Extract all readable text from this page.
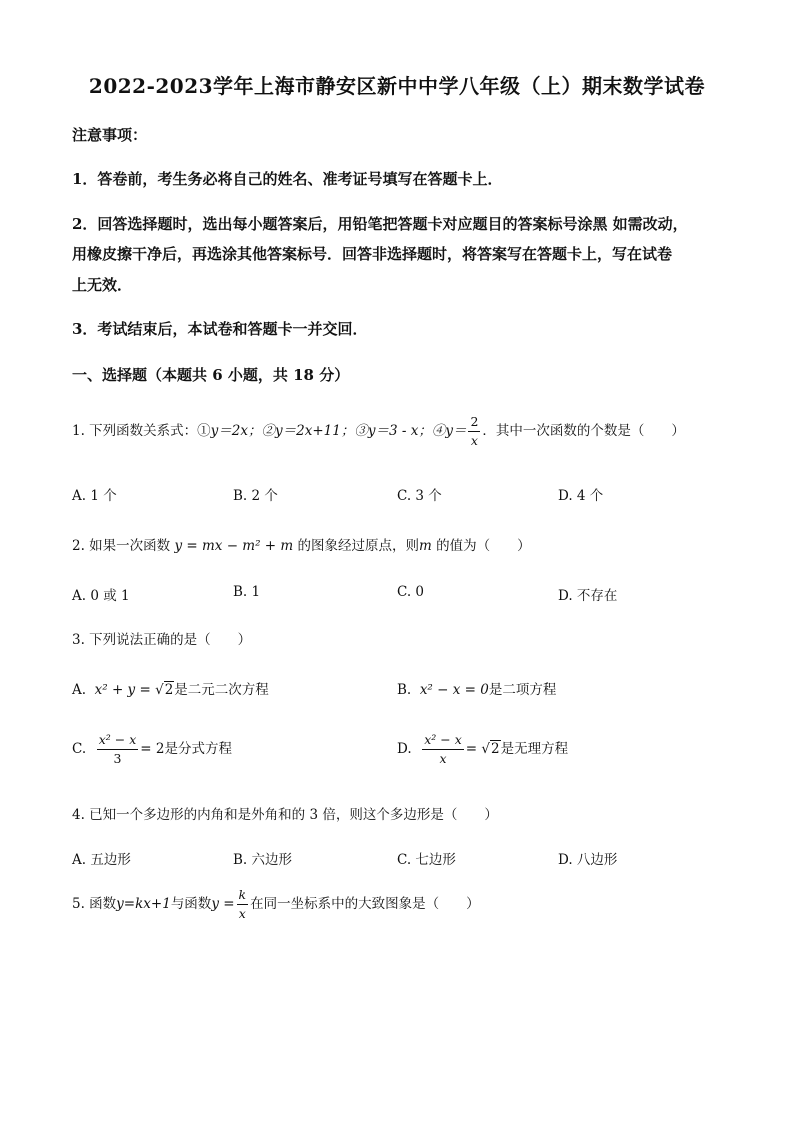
2022-2023学年上海市静安区新中中学八年级（上）期末数学试卷
注意事项：
1．答卷前，考生务必将自己的姓名、准考证号填写在答题卡上．
2．回答选择题时，选出每小题答案后，用铅笔把答题卡对应题目的答案标号涂黑 如需改动，
用橡皮擦干净后，再选涂其他答案标号．回答非选择题时，将答案写在答题卡上，写在试卷
上无效．
3．考试结束后，本试卷和答题卡一并交回．
一、选择题（本题共 6 小题，共 18 分）
1. 下列函数关系式：①y＝2x；②y＝2x+11；③y＝3 - x；④y＝ $\frac{2}{x}$ ．其中一次函数的个数是（　　）
A. 1 个	B. 2 个	C. 3 个	D. 4 个
2. 如果一次函数 y = mx − m² + m 的图象经过原点，则m 的值为（　　）
A. 0 或 1	B. 1	C. 0	D. 不存在
3. 下列说法正确的是（　　）
A. x² + y = √2是二元二次方程	B. x² − x = 0是二项方程
C. $\frac{\text{x² − x}}{3} = 2$是分式方程	D. $\frac{\text{x² − x}}{x} = √2$是无理方程
4. 已知一个多边形的内角和是外角和的 3 倍，则这个多边形是（　　）
A. 五边形	B. 六边形	C. 七边形	D. 八边形
5. 函数y=kx+1与函数$y = \frac{k}{x}$ 在同一坐标系中的大致图象是（　　）
